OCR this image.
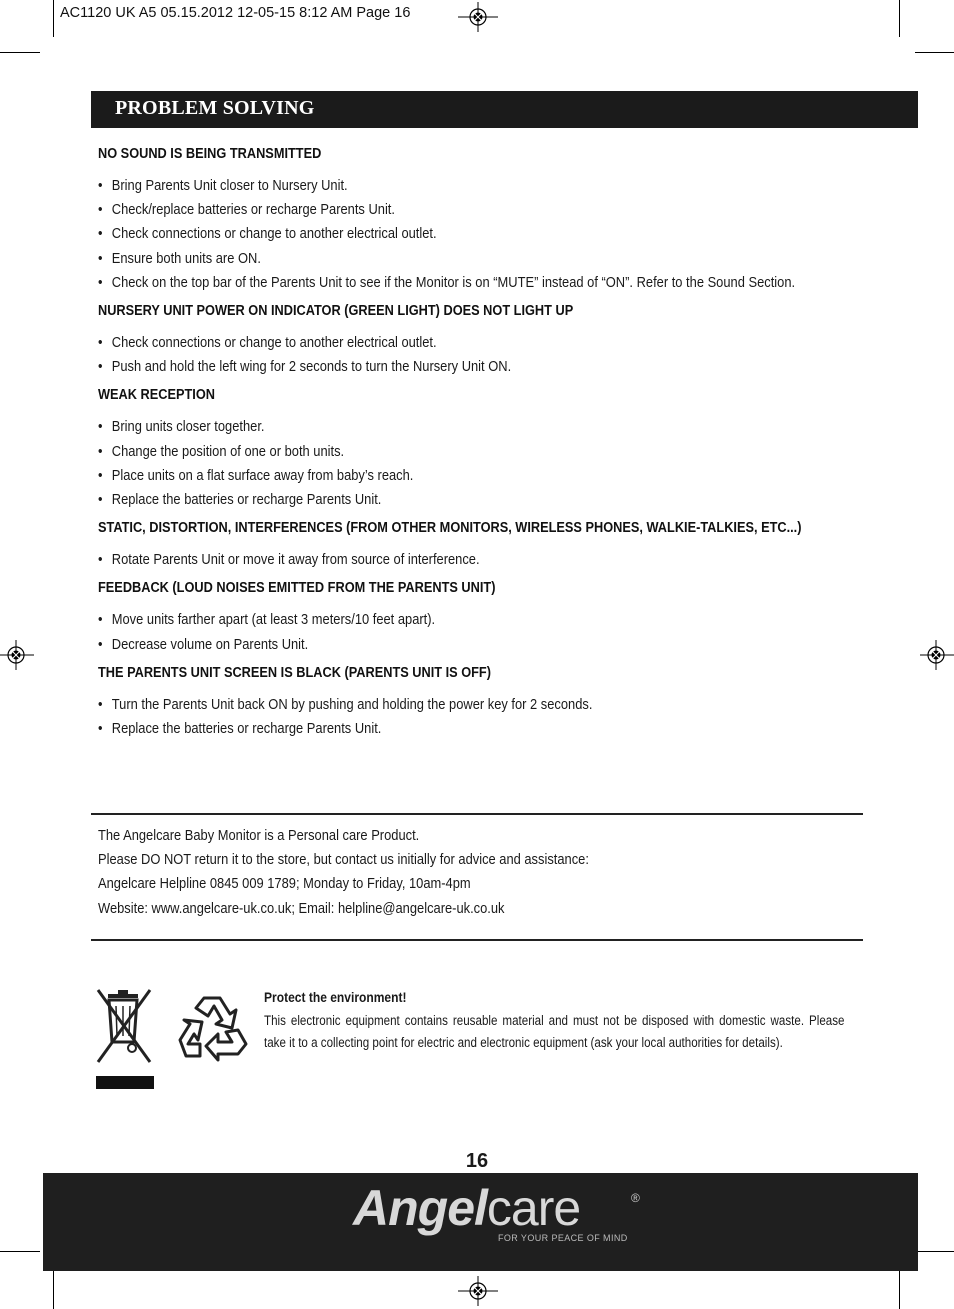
AC1120 UK A5 05.15.2012 12-05-15 8:12 AM Page 16
PROBLEM SOLVING
NO SOUND IS BEING TRANSMITTED
• Bring Parents Unit closer to Nursery Unit.
• Check/replace batteries or recharge Parents Unit.
• Check connections or change to another electrical outlet.
• Ensure both units are ON.
• Check on the top bar of the Parents Unit to see if the Monitor is on “MUTE” instead of “ON”. Refer to the Sound Section.
NURSERY UNIT POWER ON INDICATOR (GREEN LIGHT) DOES NOT LIGHT UP
• Check connections or change to another electrical outlet.
• Push and hold the left wing for 2 seconds to turn the Nursery Unit ON.
WEAK RECEPTION
• Bring units closer together.
• Change the position of one or both units.
• Place units on a flat surface away from baby’s reach.
• Replace the batteries or recharge Parents Unit.
STATIC, DISTORTION, INTERFERENCES (FROM OTHER MONITORS, WIRELESS PHONES, WALKIE-TALKIES, ETC...)
• Rotate Parents Unit or move it away from source of interference.
FEEDBACK (LOUD NOISES EMITTED FROM THE PARENTS UNIT)
• Move units farther apart (at least 3 meters/10 feet apart).
• Decrease volume on Parents Unit.
THE PARENTS UNIT SCREEN IS BLACK (PARENTS UNIT IS OFF)
• Turn the Parents Unit back ON by pushing and holding the power key for 2 seconds.
• Replace the batteries or recharge Parents Unit.
The Angelcare Baby Monitor is a Personal care Product.
Please DO NOT return it to the store, but contact us initially for advice and assistance:
Angelcare Helpline 0845 009 1789; Monday to Friday, 10am-4pm
Website: www.angelcare-uk.co.uk; Email: helpline@angelcare-uk.co.uk
Protect the environment!
This electronic equipment contains reusable material and must not be disposed with domestic waste. Please take it to a collecting point for electric and electronic equipment (ask your local authorities for details).
16
Angelcare	®
FOR YOUR PEACE OF MIND
